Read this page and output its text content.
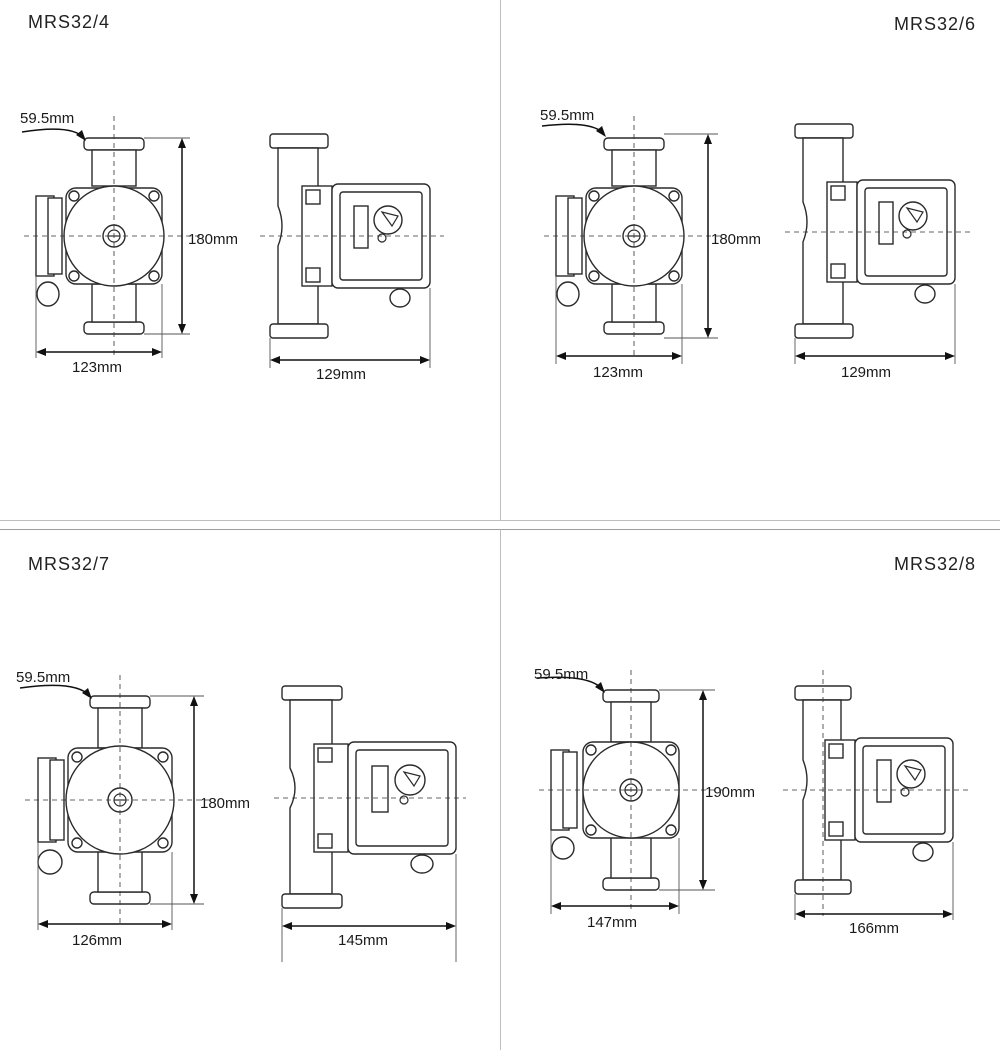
MRS32/4
180mm
123mm	129mm
59.5mm
MRS32/6
180mm
123mm	129mm
59.5mm
MRS32/7
180mm
126mm	145mm
59.5mm
MRS32/8
190mm
147mm	166mm
59.5mm
